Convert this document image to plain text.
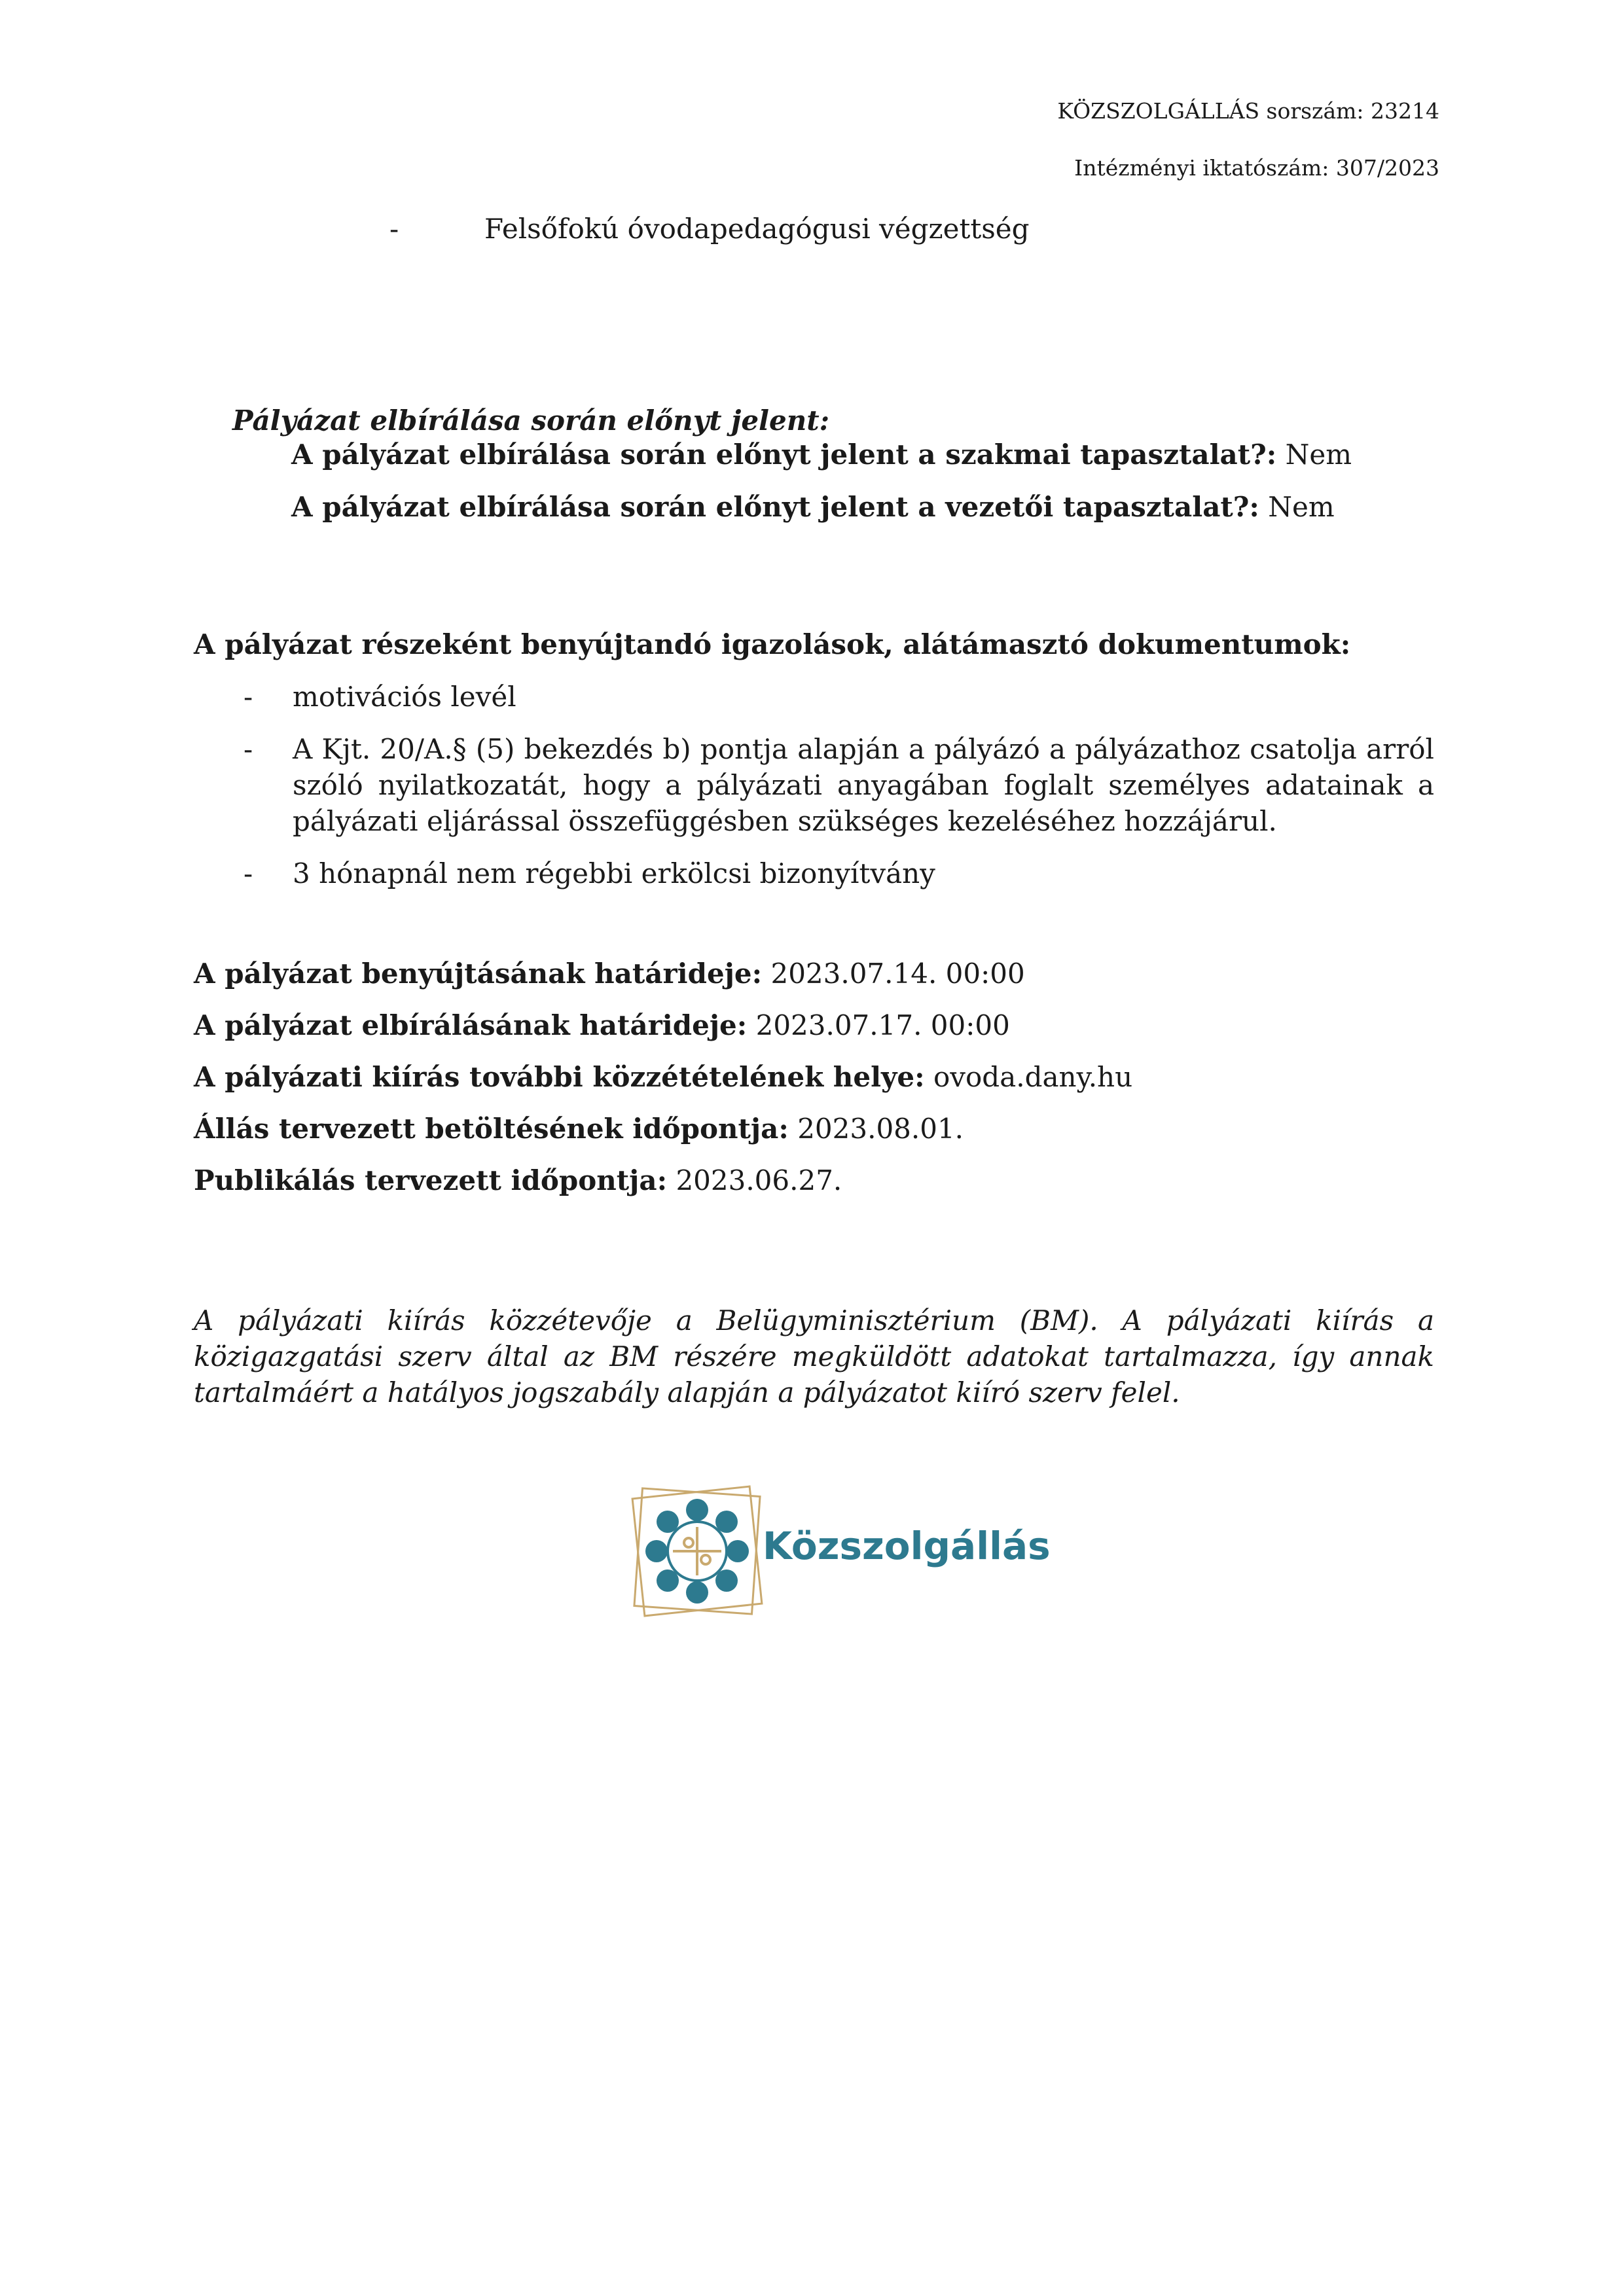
KÖZSZOLGÁLLÁS sorszám: 23214
Intézményi iktatószám: 307/2023
-	Felsőfokú óvodapedagógusi végzettség
Pályázat elbírálása során előnyt jelent:
A pályázat elbírálása során előnyt jelent a szakmai tapasztalat?: Nem
A pályázat elbírálása során előnyt jelent a vezetői tapasztalat?: Nem
A pályázat részeként benyújtandó igazolások, alátámasztó dokumentumok:
- motivációs levél
- A Kjt. 20/A.§ (5) bekezdés b) pontja alapján a pályázó a pályázathoz csatolja arról szóló nyilatkozatát, hogy a pályázati anyagában foglalt személyes adatainak a pályázati eljárással összefüggésben szükséges kezeléséhez hozzájárul.
- 3 hónapnál nem régebbi erkölcsi bizonyítvány
A pályázat benyújtásának határideje: 2023.07.14. 00:00
A pályázat elbírálásának határideje: 2023.07.17. 00:00
A pályázati kiírás további közzétételének helye: ovoda.dany.hu
Állás tervezett betöltésének időpontja: 2023.08.01.
Publikálás tervezett időpontja: 2023.06.27.
A pályázati kiírás közzétevője a Belügyminisztérium (BM). A pályázati kiírás a közigazgatási szerv által az BM részére megküldött adatokat tartalmazza, így annak tartalmáért a hatályos jogszabály alapján a pályázatot kiíró szerv felel.
Közszolgállás
